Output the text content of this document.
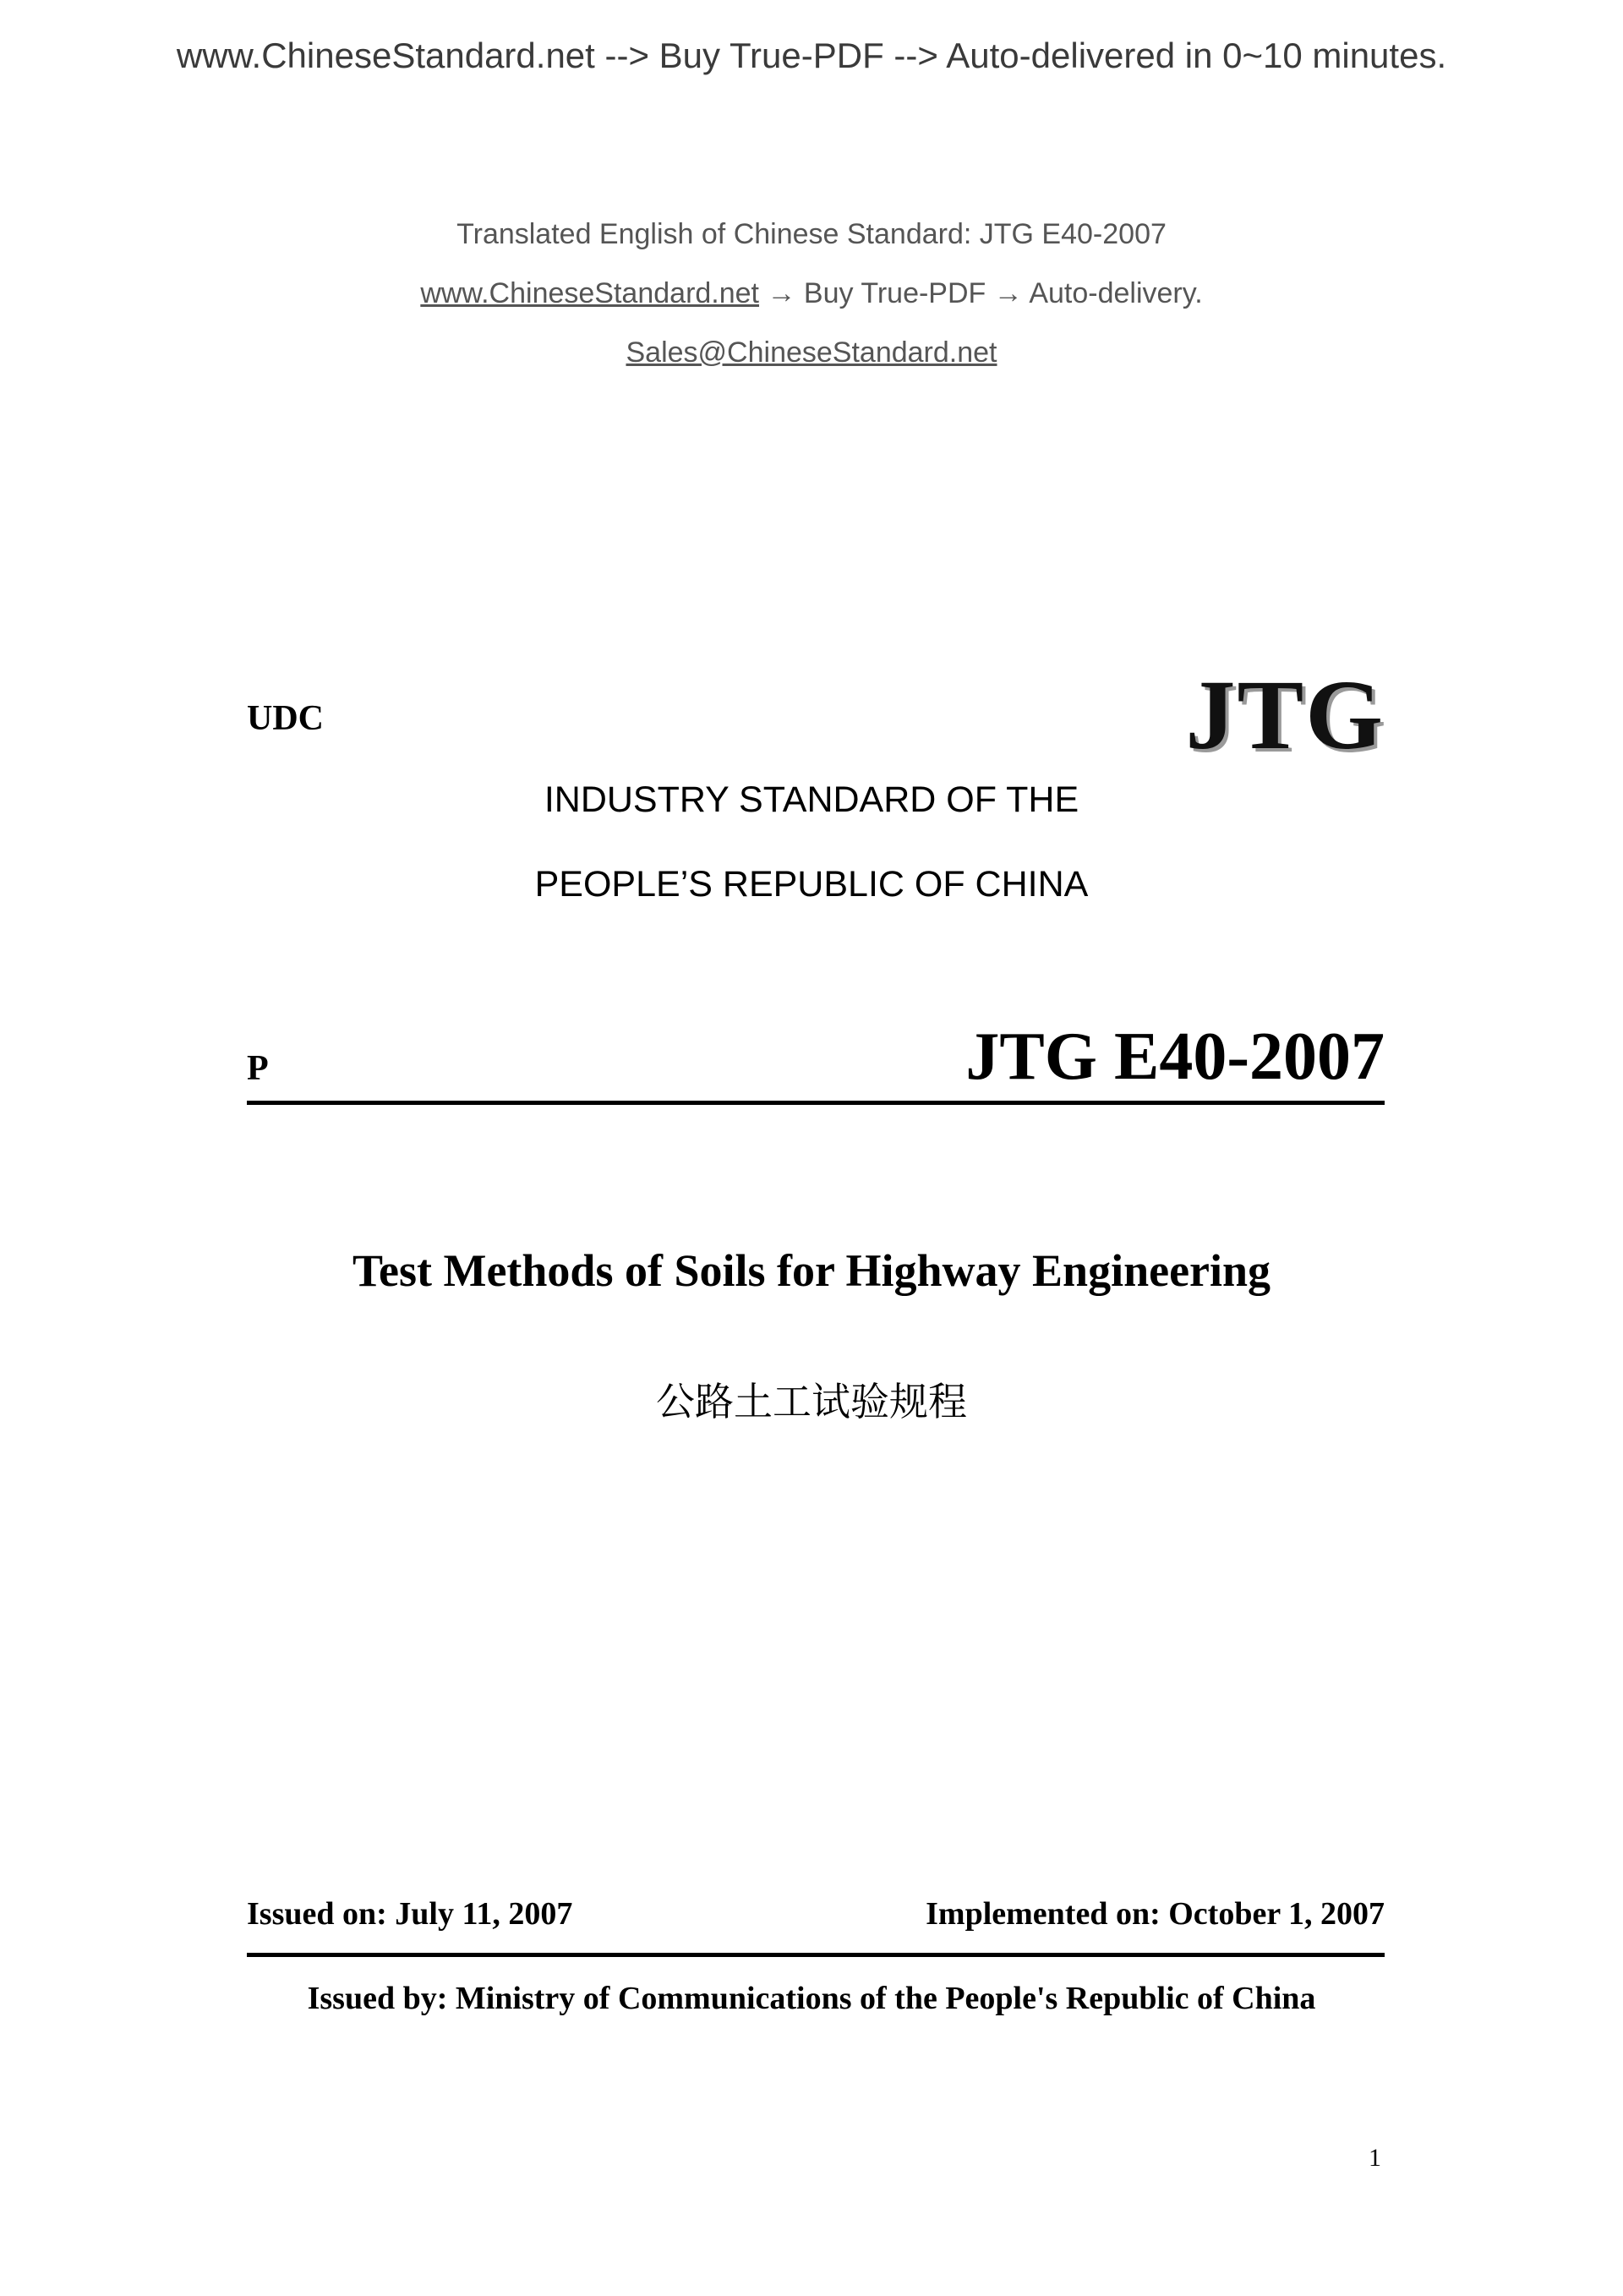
www.ChineseStandard.net --> Buy True-PDF --> Auto-delivered in 0~10 minutes.
Translated English of Chinese Standard: JTG E40-2007
www.ChineseStandard.net → Buy True-PDF → Auto-delivery.
Sales@ChineseStandard.net
UDC	JTG
INDUSTRY STANDARD OF THE
PEOPLE’S REPUBLIC OF CHINA
P	JTG E40-2007
Test Methods of Soils for Highway Engineering
公路土工试验规程
Issued on: July 11, 2007	Implemented on: October 1, 2007
Issued by: Ministry of Communications of the People's Republic of China
1
